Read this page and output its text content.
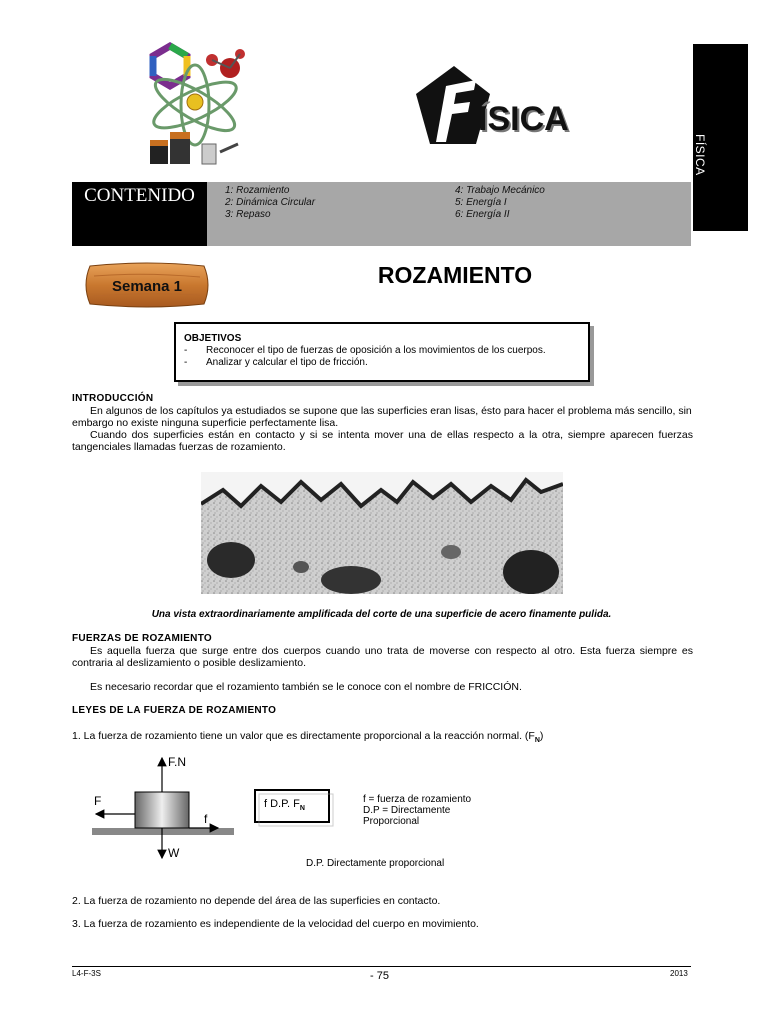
FÍSICA
ÍSICA
CONTENIDO	1: Rozamiento
2: Dinámica Circular
3: Repaso
4: Trabajo Mecánico
5: Energía I
6: Energía II
Semana 1	ROZAMIENTO
OBJETIVOS
- Reconocer el tipo de fuerzas de oposición a los movimientos de los cuerpos.
- Analizar y calcular el tipo de fricción.
INTRODUCCIÓN
En algunos de los capítulos ya estudiados se supone que las superficies eran lisas, ésto para hacer el problema más sencillo, sin embargo no existe ninguna superficie perfectamente lisa.
Cuando dos superficies están en contacto y si se intenta mover una de ellas respecto a la otra, siempre aparecen fuerzas tangenciales llamadas fuerzas de rozamiento.
Una vista extraordinariamente amplificada del corte de una superficie de acero finamente pulida.
FUERZAS DE ROZAMIENTO
Es aquella fuerza que surge entre dos cuerpos cuando uno trata de moverse con respecto al otro. Esta fuerza siempre es contraria al deslizamiento o posible deslizamiento.
Es necesario recordar que el rozamiento también se le conoce con el nombre de FRICCIÓN.
LEYES DE LA FUERZA DE ROZAMIENTO
1. La fuerza de rozamiento tiene un valor que es directamente proporcional a la reacción normal. $(F_N)$
F.N
F
f
W
f D.P. $F_N$
f = fuerza de rozamiento
D.P = Directamente Proporcional
D.P. Directamente proporcional
2. La fuerza de rozamiento no depende del área de las superficies en contacto.
3. La fuerza de rozamiento es independiente de la velocidad del cuerpo en movimiento.
L4-F-3S	- 75	2013
